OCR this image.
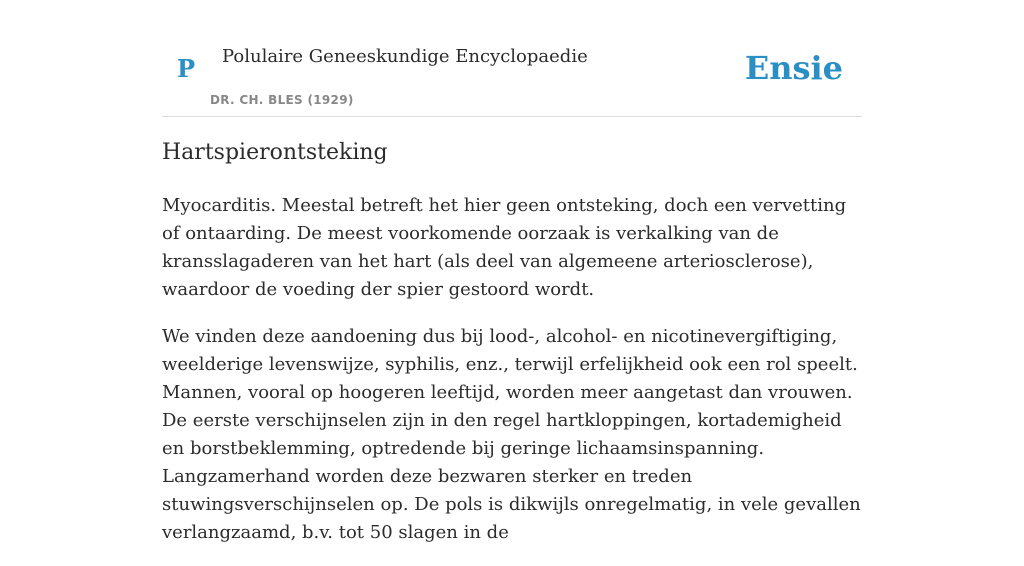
P Polulaire Geneeskundige Encyclopaedie
DR. CH. BLES (1929)
Ensie
Hartspierontsteking

Myocarditis. Meestal betreft het hier geen ontsteking, doch een vervetting of ontaarding. De meest voorkomende oorzaak is verkalking van de kransslagaderen van het hart (als deel van algemeene arteriosclerose), waardoor de voeding der spier gestoord wordt.

We vinden deze aandoening dus bij lood-, alcohol- en nicotinevergiftiging, weelderige levenswijze, syphilis, enz., terwijl erfelijkheid ook een rol speelt. Mannen, vooral op hoogeren leeftijd, worden meer aangetast dan vrouwen. De eerste verschijnselen zijn in den regel hartkloppingen, kortademigheid en borstbeklemming, optredende bij geringe lichaamsinspanning. Langzamerhand worden deze bezwaren sterker en treden stuwingsverschijnselen op. De pols is dikwijls onregelmatig, in vele gevallen verlangzaamd, b.v. tot 50 slagen in de
